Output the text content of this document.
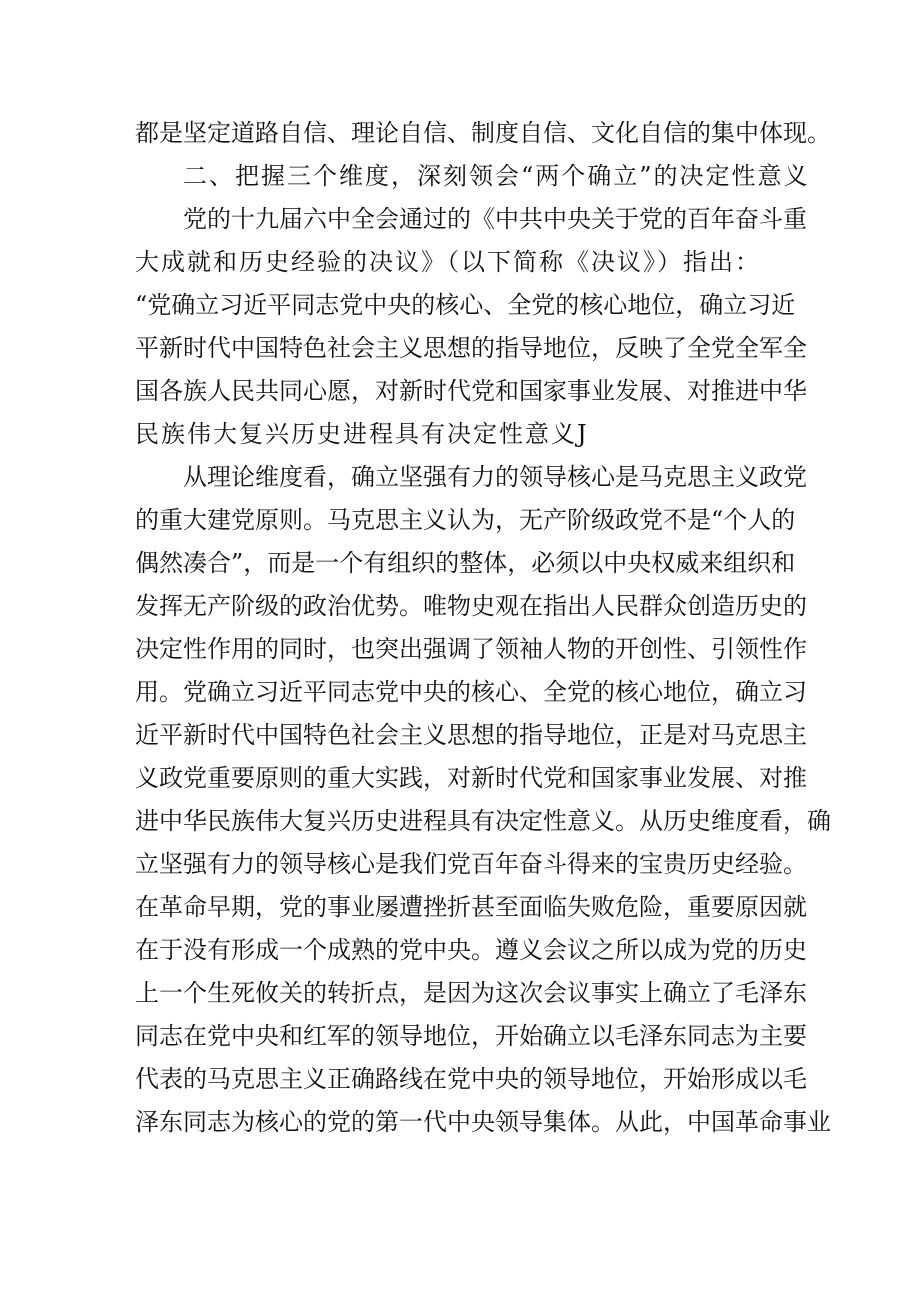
都是坚定道路自信、理论自信、制度自信、文化自信的集中体现。
二、把握三个维度，深刻领会“两个确立”的决定性意义
党的十九届六中全会通过的《中共中央关于党的百年奋斗重
大成就和历史经验的决议》（以下简称《决议》）指出：
“党确立习近平同志党中央的核心、全党的核心地位，确立习近
平新时代中国特色社会主义思想的指导地位，反映了全党全军全
国各族人民共同心愿，对新时代党和国家事业发展、对推进中华
民族伟大复兴历史进程具有决定性意义J
从理论维度看，确立坚强有力的领导核心是马克思主义政党
的重大建党原则。马克思主义认为，无产阶级政党不是“个人的
偶然凑合”，而是一个有组织的整体，必须以中央权威来组织和
发挥无产阶级的政治优势。唯物史观在指出人民群众创造历史的
决定性作用的同时，也突出强调了领袖人物的开创性、引领性作
用。党确立习近平同志党中央的核心、全党的核心地位，确立习
近平新时代中国特色社会主义思想的指导地位，正是对马克思主
义政党重要原则的重大实践，对新时代党和国家事业发展、对推
进中华民族伟大复兴历史进程具有决定性意义。从历史维度看，确
立坚强有力的领导核心是我们党百年奋斗得来的宝贵历史经验。
在革命早期，党的事业屡遭挫折甚至面临失败危险，重要原因就
在于没有形成一个成熟的党中央。遵义会议之所以成为党的历史
上一个生死攸关的转折点，是因为这次会议事实上确立了毛泽东
同志在党中央和红军的领导地位，开始确立以毛泽东同志为主要
代表的马克思主义正确路线在党中央的领导地位，开始形成以毛
泽东同志为核心的党的第一代中央领导集体。从此，中国革命事业
